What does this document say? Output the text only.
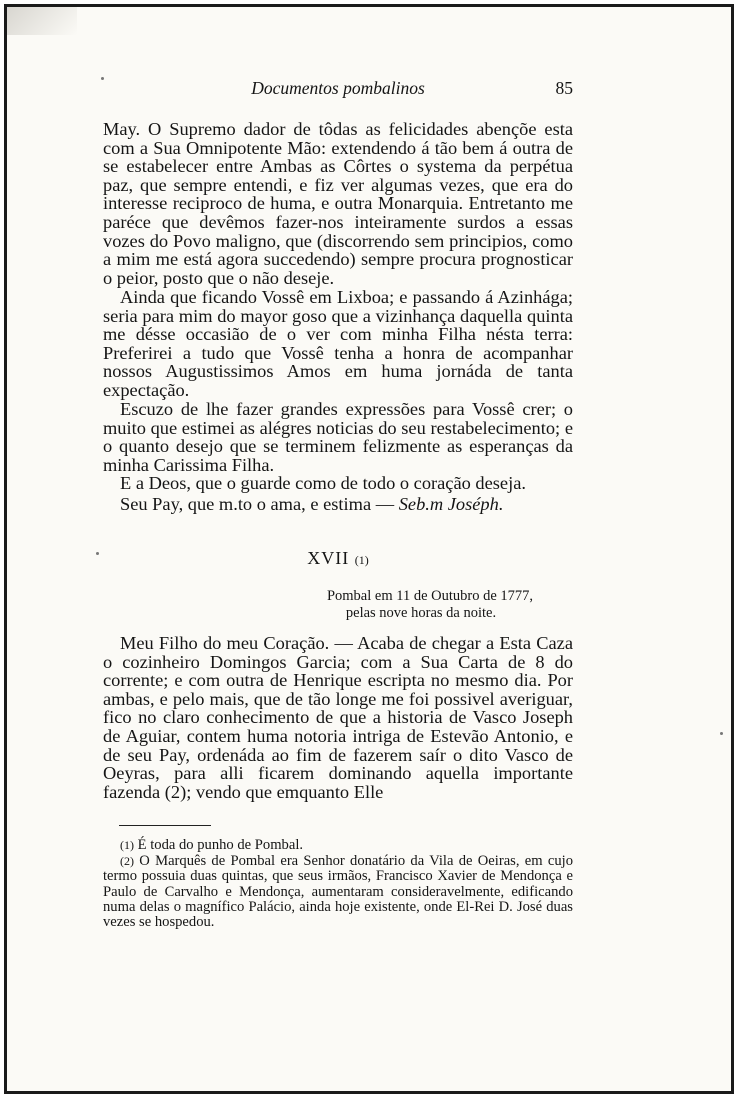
Documentos pombalinos	85

May. O Supremo dador de tôdas as felicidades abençõe esta com a Sua Omnipotente Mão: extendendo á tão bem á outra de se estabelecer entre Ambas as Côrtes o systema da perpétua paz, que sempre entendi, e fiz ver algumas vezes, que era do interesse reciproco de huma, e outra Monarquia. Entretanto me paréce que devêmos fazer-nos inteiramente surdos a essas vozes do Povo maligno, que (discorrendo sem principios, como a mim me está agora succedendo) sempre procura prognosticar o peior, posto que o não deseje.

Ainda que ficando Vossê em Lixboa; e passando á Azinhága; seria para mim do mayor goso que a vizinhança daquella quinta me désse occasião de o ver com minha Filha nésta terra: Preferirei a tudo que Vossê tenha a honra de acompanhar nossos Augustissimos Amos em huma jornáda de tanta expectação.

Escuzo de lhe fazer grandes expressões para Vossê crer; o muito que estimei as alégres noticias do seu restabelecimento; e o quanto desejo que se terminem felizmente as esperanças da minha Carissima Filha.

E a Deos, que o guarde como de todo o coração deseja.

Seu Pay, que m.to o ama, e estima — Seb.m Joséph.
XVII (1)
Pombal em 11 de Outubro de 1777,
pelas nove horas da noite.

Meu Filho do meu Coração. — Acaba de chegar a Esta Caza o cozinheiro Domingos Garcia; com a Sua Carta de 8 do corrente; e com outra de Henrique escripta no mesmo dia. Por ambas, e pelo mais, que de tão longe me foi possivel averiguar, fico no claro conhecimento de que a historia de Vasco Joseph de Aguiar, contem huma notoria intriga de Estevão Antonio, e de seu Pay, ordenáda ao fim de fazerem saír o dito Vasco de Oeyras, para alli ficarem dominando aquella importante fazenda (2); vendo que emquanto Elle

(1) É toda do punho de Pombal.

(2) O Marquês de Pombal era Senhor donatário da Vila de Oeiras, em cujo termo possuia duas quintas, que seus irmãos, Francisco Xavier de Mendonça e Paulo de Carvalho e Mendonça, aumentaram consideravelmente, edificando numa delas o magnífico Palácio, ainda hoje existente, onde El-Rei D. José duas vezes se hospedou.
